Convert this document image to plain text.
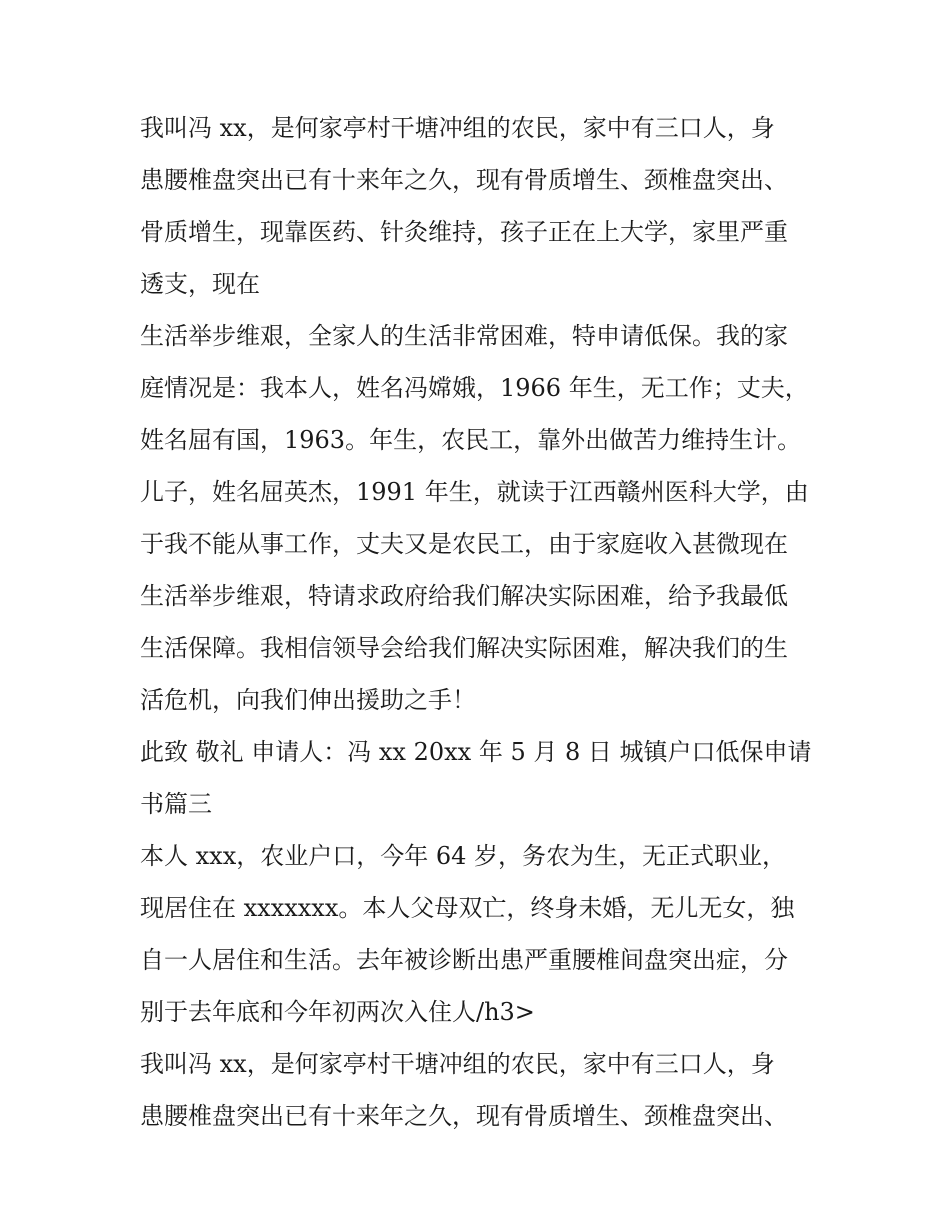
我叫冯 xx，是何家亭村干塘冲组的农民，家中有三口人，身
患腰椎盘突出已有十来年之久，现有骨质增生、颈椎盘突出、
骨质增生，现靠医药、针灸维持，孩子正在上大学，家里严重
透支，现在
生活举步维艰，全家人的生活非常困难，特申请低保。我的家
庭情况是：我本人，姓名冯嫦娥，1966 年生，无工作；丈夫，
姓名屈有国，1963。年生，农民工，靠外出做苦力维持生计。
儿子，姓名屈英杰，1991 年生，就读于江西赣州医科大学，由
于我不能从事工作，丈夫又是农民工，由于家庭收入甚微现在
生活举步维艰，特请求政府给我们解决实际困难，给予我最低
生活保障。我相信领导会给我们解决实际困难，解决我们的生
活危机，向我们伸出援助之手！
此致 敬礼 申请人：冯 xx 20xx 年 5 月 8 日 城镇户口低保申请
书篇三
本人 xxx，农业户口，今年 64 岁，务农为生，无正式职业，
现居住在 xxxxxxx。本人父母双亡，终身未婚，无儿无女，独
自一人居住和生活。去年被诊断出患严重腰椎间盘突出症，分
别于去年底和今年初两次入住人/h3>
我叫冯 xx，是何家亭村干塘冲组的农民，家中有三口人，身
患腰椎盘突出已有十来年之久，现有骨质增生、颈椎盘突出、
